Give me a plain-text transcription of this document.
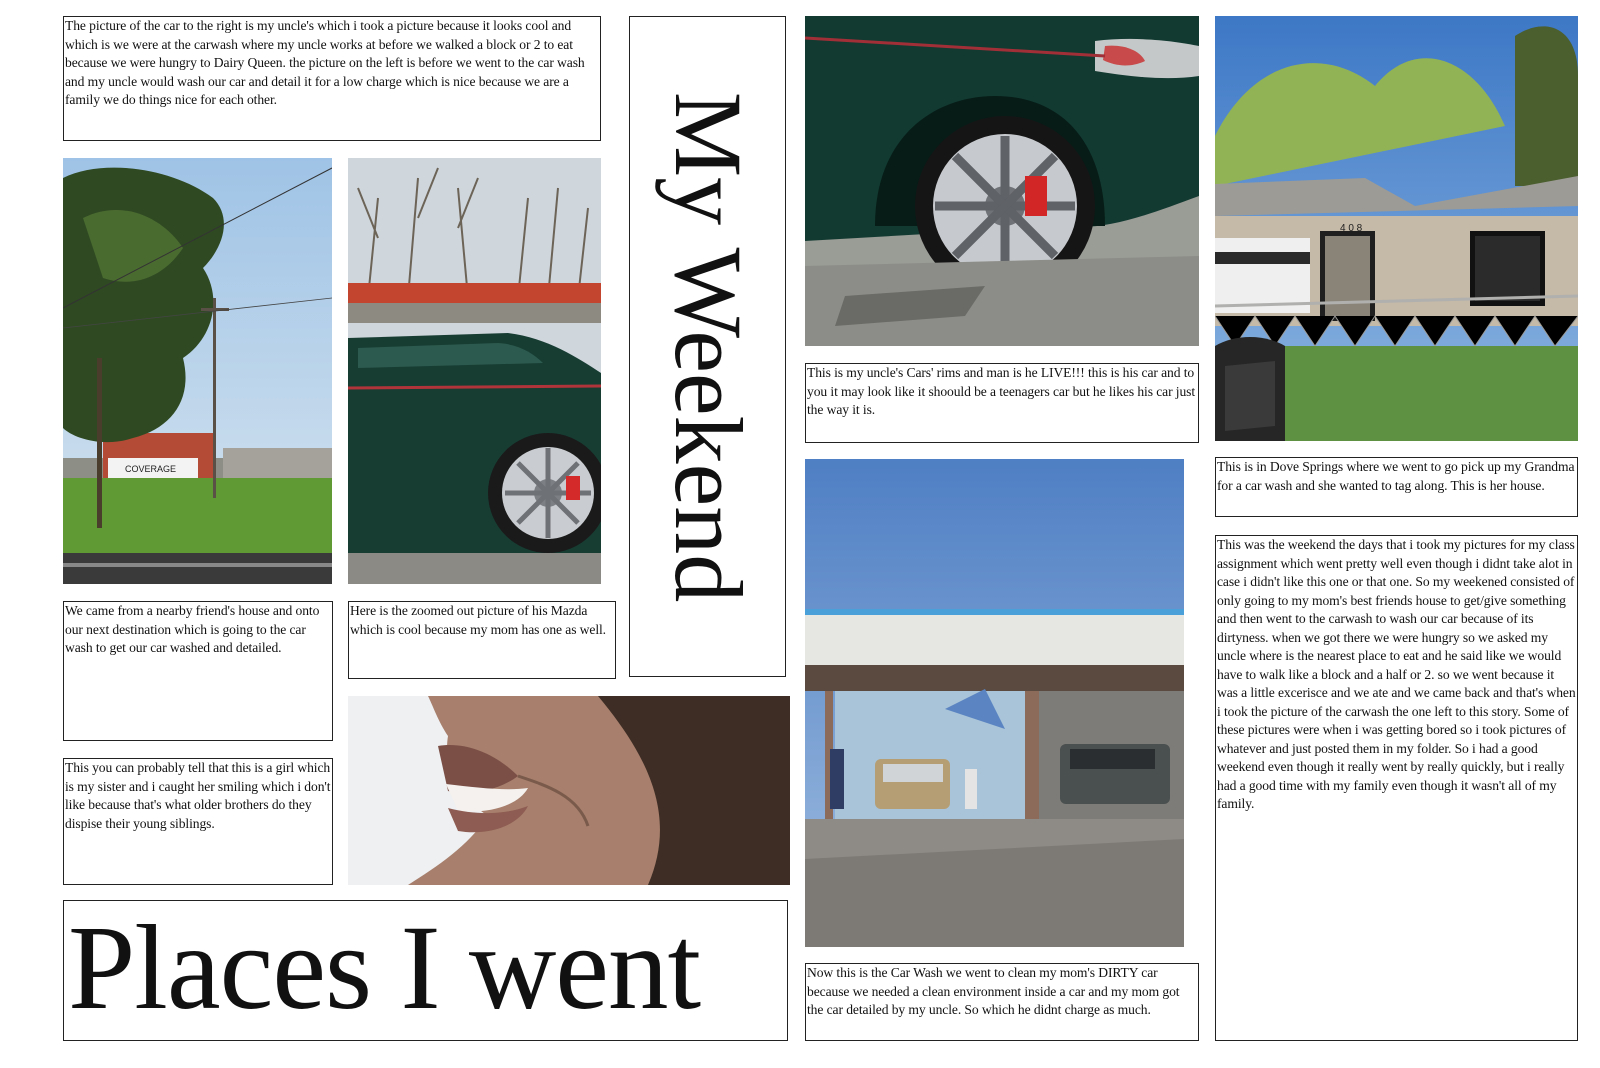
The picture of the car to the right is my uncle's which i took a picture because it looks cool and which is we were at the carwash where my uncle works at before we walked a block or 2 to eat because we were hungry to Dairy Queen. the picture on the left is before we went to the car wash and my uncle would wash our car and detail it for a low charge which is nice because we are a family we do things nice for each other.	My Weekend
COVERAGE
We came from a nearby friend's house and onto our next destination which is going to the car wash to get our car washed and detailed.
Here is the zoomed out picture of his Mazda which is cool because my mom has one as well.
This you can probably tell that this is a girl which is my sister and i caught her smiling which i don't like because that's what older brothers do they dispise their young siblings.
Places I went
This is my uncle's Cars' rims and man is he LIVE!!! this is his car and to you it may look like it shoould be a teenagers car but he likes his car just the way it is.
Now this is the Car Wash we went to clean my mom's DIRTY car because we needed a clean environment inside a car and my mom got the car detailed by my uncle. So which he didnt charge as much.
4 0 8
This is in Dove Springs where we went to go pick up my Grandma for a car wash and she wanted to tag along. This is her house.
This was the weekend the days that i took my pictures for my class assignment which went pretty well even though i didnt take alot in case i didn't like this one or that one. So my weekened consisted of only going to my mom's best friends house to get/give something and then went to the carwash to wash our car because of its dirtyness. when we got there we were hungry so we asked my uncle where is the nearest place to eat and he said like we would have to walk like a block and a half or 2. so we went because it was a little excerisce and we ate and we came back and that's when i took the picture of the carwash the one left to this story. Some of these pictures were when i was getting bored so i took pictures of whatever and just posted them in my folder. So i had a good weekend even though it really went by really quickly, but i really had a good time with my family even though it wasn't all of my family.
